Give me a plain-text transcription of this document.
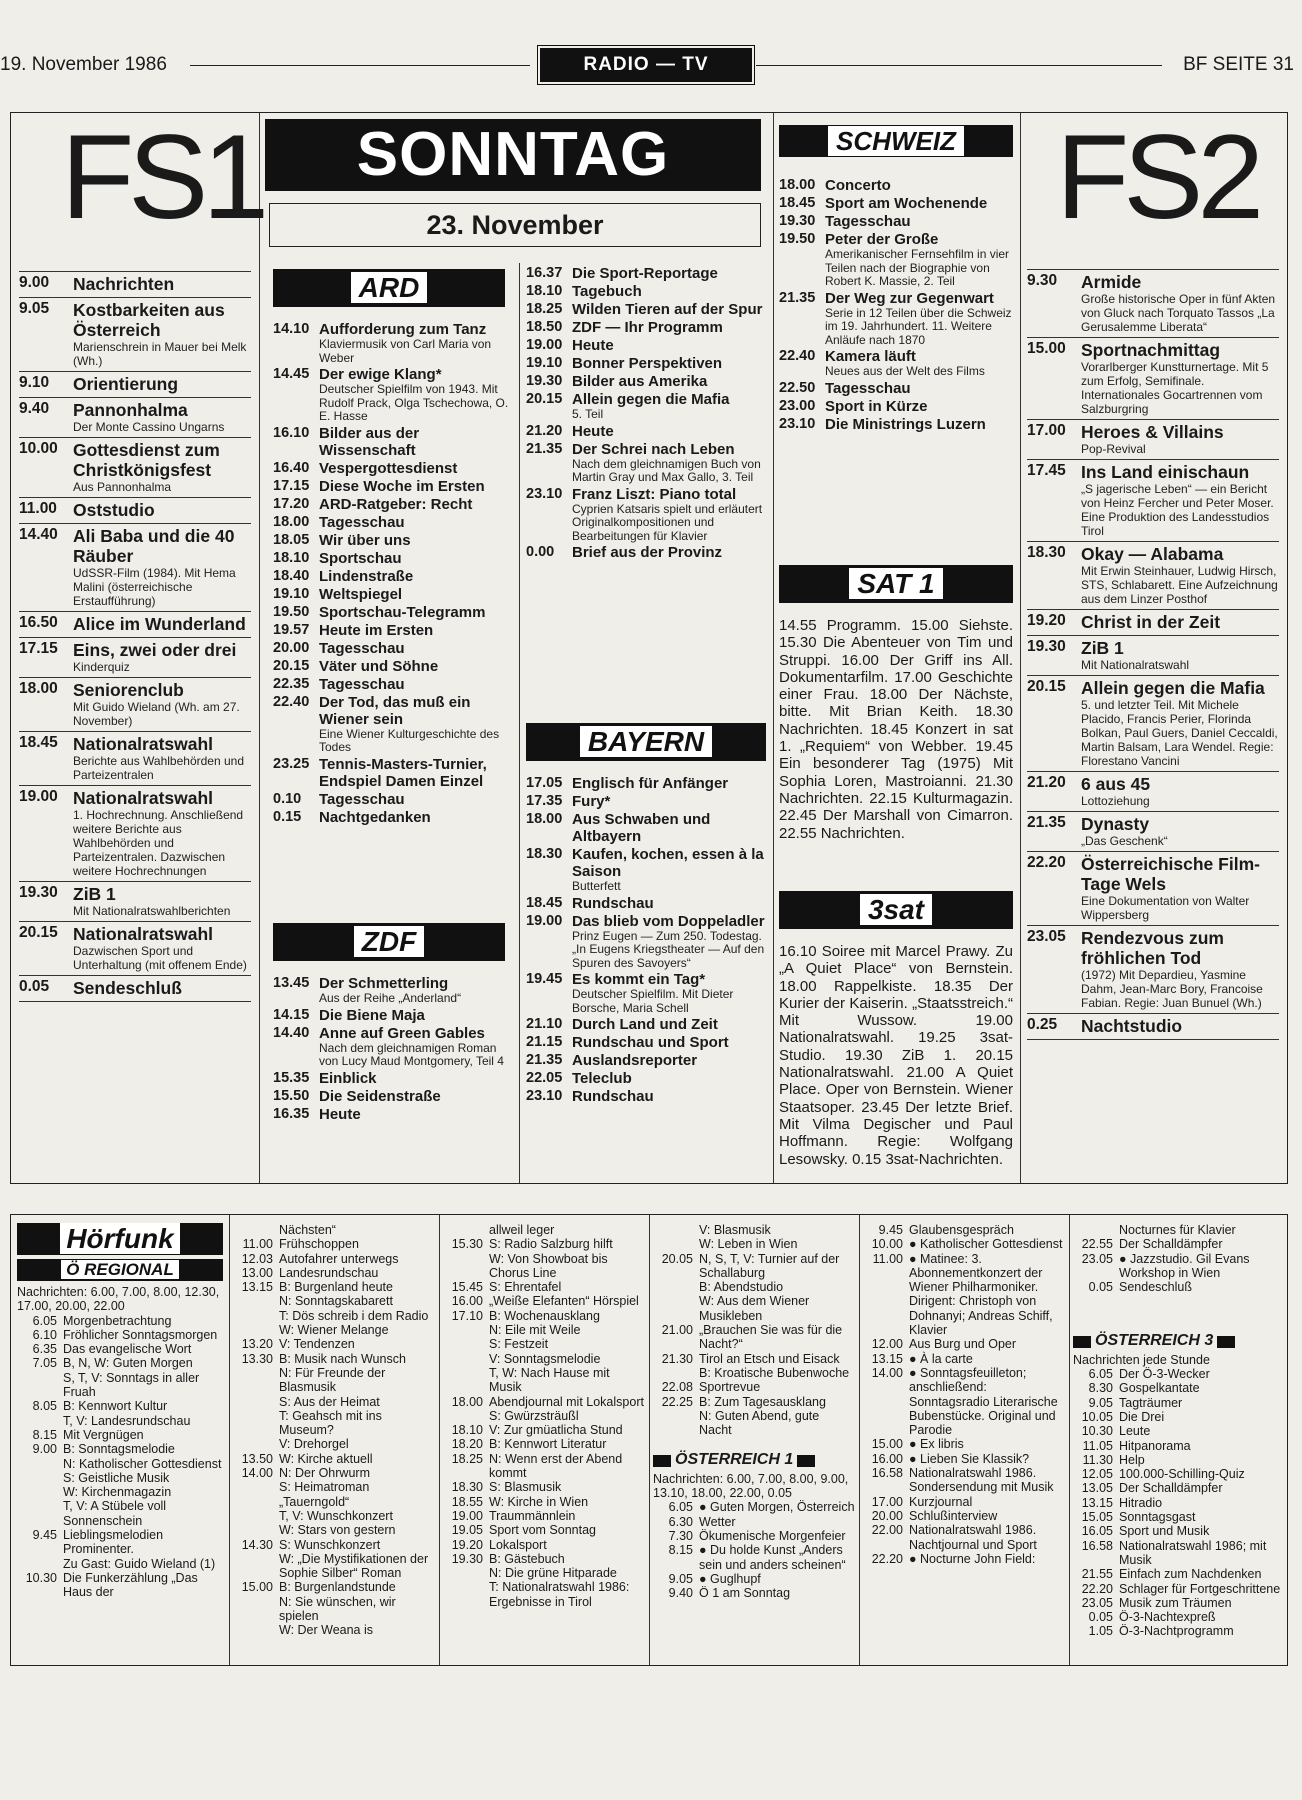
19. November 1986	RADIO — TV	BF SEITE 31
FS1	SONNTAG
23. November	FS2
9.00	Nachrichten
9.05	Kostbarkeiten aus Österreich
Marienschrein in Mauer bei Melk (Wh.)
9.10	Orientierung
9.40	Pannonhalma
Der Monte Cassino Ungarns
10.00 Gottesdienst zum Christkönigsfest
Aus Pannonhalma
11.00 Oststudio
14.40 Ali Baba und die 40 Räuber
UdSSR-Film (1984). Mit Hema Malini (österreichische Erstaufführung)
16.50 Alice im Wunderland
17.15 Eins, zwei oder drei
Kinderquiz
18.00 Seniorenclub
Mit Guido Wieland (Wh. am 27. November)
18.45 Nationalratswahl
Berichte aus Wahlbehörden und Parteizentralen
19.00 Nationalratswahl
1. Hochrechnung. Anschließend weitere Berichte aus Wahlbehörden und Parteizentralen. Dazwischen weitere Hochrechnungen
19.30 ZiB 1
Mit Nationalratswahlberichten
20.15 Nationalratswahl
Dazwischen Sport und Unterhaltung (mit offenem Ende)
0.05	Sendeschluß
ARD
14.10 Aufforderung zum Tanz
Klaviermusik von Carl Maria von Weber
14.45 Der ewige Klang*
Deutscher Spielfilm von 1943. Mit Rudolf Prack, Olga Tschechowa, O. E. Hasse
16.10 Bilder aus der Wissenschaft
16.40 Vespergottesdienst
17.15 Diese Woche im Ersten
17.20 ARD-Ratgeber: Recht
18.00 Tagesschau
18.05 Wir über uns
18.10 Sportschau
18.40 Lindenstraße
19.10 Weltspiegel
19.50 Sportschau-Telegramm
19.57 Heute im Ersten
20.00 Tagesschau
20.15 Väter und Söhne
22.35 Tagesschau
22.40 Der Tod, das muß ein Wiener sein
Eine Wiener Kulturgeschichte des Todes
23.25 Tennis-Masters-Turnier, Endspiel Damen Einzel
0.10	Tagesschau
0.15	Nachtgedanken
ZDF
13.45 Der Schmetterling
Aus der Reihe „Anderland“
14.15 Die Biene Maja
14.40 Anne auf Green Gables
Nach dem gleichnamigen Roman von Lucy Maud Montgomery, Teil 4
15.35 Einblick
15.50 Die Seidenstraße
16.35 Heute
16.37 Die Sport-Reportage
18.10 Tagebuch
18.25 Wilden Tieren auf der Spur
18.50 ZDF — Ihr Programm
19.00 Heute
19.10 Bonner Perspektiven
19.30 Bilder aus Amerika
20.15 Allein gegen die Mafia
5. Teil
21.20 Heute
21.35 Der Schrei nach Leben
Nach dem gleichnamigen Buch von Martin Gray und Max Gallo, 3. Teil
23.10 Franz Liszt: Piano total
Cyprien Katsaris spielt und erläutert Originalkompositionen und Bearbeitungen für Klavier
0.00	Brief aus der Provinz
BAYERN
17.05 Englisch für Anfänger
17.35 Fury*
18.00 Aus Schwaben und Altbayern
18.30 Kaufen, kochen, essen à la Saison
Butterfett
18.45 Rundschau
19.00 Das blieb vom Doppeladler
Prinz Eugen — Zum 250. Todestag. „In Eugens Kriegstheater — Auf den Spuren des Savoyers“
19.45 Es kommt ein Tag*
Deutscher Spielfilm. Mit Dieter Borsche, Maria Schell
21.10 Durch Land und Zeit
21.15 Rundschau und Sport
21.35 Auslandsreporter
22.05 Teleclub
23.10 Rundschau
SCHWEIZ
18.00 Concerto
18.45 Sport am Wochenende
19.30 Tagesschau
19.50 Peter der Große
Amerikanischer Fernsehfilm in vier Teilen nach der Biographie von Robert K. Massie, 2. Teil
21.35 Der Weg zur Gegenwart
Serie in 12 Teilen über die Schweiz im 19. Jahrhundert. 11. Weitere Anläufe nach 1870
22.40 Kamera läuft
Neues aus der Welt des Films
22.50 Tagesschau
23.00 Sport in Kürze
23.10 Die Ministrings Luzern
SAT 1
14.55 Programm. 15.00 Siehste. 15.30 Die Abenteuer von Tim und Struppi. 16.00 Der Griff ins All. Dokumentarfilm. 17.00 Geschichte einer Frau. 18.00 Der Nächste, bitte. Mit Brian Keith. 18.30 Nachrichten. 18.45 Konzert in sat 1. „Requiem“ von Webber. 19.45 Ein besonderer Tag (1975) Mit Sophia Loren, Mastroianni. 21.30 Nachrichten. 22.15 Kulturmagazin. 22.45 Der Marshall von Cimarron. 22.55 Nachrichten.
3sat
16.10 Soiree mit Marcel Prawy. Zu „A Quiet Place“ von Bernstein. 18.00 Rappelkiste. 18.35 Der Kurier der Kaiserin. „Staatsstreich.“ Mit Wussow. 19.00 Nationalratswahl. 19.25 3sat-Studio. 19.30 ZiB 1. 20.15 Nationalratswahl. 21.00 A Quiet Place. Oper von Bernstein. Wiener Staatsoper. 23.45 Der letzte Brief. Mit Vilma Degischer und Paul Hoffmann. Regie: Wolfgang Lesowsky. 0.15 3sat-Nachrichten.
9.30	Armide
Große historische Oper in fünf Akten von Gluck nach Torquato Tassos „La Gerusalemme Liberata“
15.00 Sportnachmittag
Vorarlberger Kunstturnertage. Mit 5 zum Erfolg, Semifinale. Internationales Gocartrennen vom Salzburgring
17.00 Heroes & Villains
Pop-Revival
17.45 Ins Land einischaun
„S jagerische Leben“ — ein Bericht von Heinz Fercher und Peter Moser. Eine Produktion des Landesstudios Tirol
18.30 Okay — Alabama
Mit Erwin Steinhauer, Ludwig Hirsch, STS, Schlabarett. Eine Aufzeichnung aus dem Linzer Posthof
19.20 Christ in der Zeit
19.30 ZiB 1
Mit Nationalratswahl
20.15 Allein gegen die Mafia
5. und letzter Teil. Mit Michele Placido, Francis Perier, Florinda Bolkan, Paul Guers, Daniel Ceccaldi, Martin Balsam, Lara Wendel. Regie: Florestano Vancini
21.20 6 aus 45
Lottoziehung
21.35 Dynasty
„Das Geschenk“
22.20 Österreichische Film-Tage Wels
Eine Dokumentation von Walter Wippersberg
23.05 Rendezvous zum fröhlichen Tod
(1972) Mit Depardieu, Yasmine Dahm, Jean-Marc Bory, Francoise Fabian. Regie: Juan Bunuel (Wh.)
0.25	Nachtstudio
Hörfunk
Ö REGIONAL
Nachrichten: 6.00, 7.00, 8.00, 12.30, 17.00, 20.00, 22.00
6.05 Morgenbetrachtung
6.10 Fröhlicher Sonntagsmorgen
6.35 Das evangelische Wort
7.05 B, N, W: Guten Morgen
S, T, V: Sonntags in aller Fruah
8.05 B: Kennwort Kultur
T, V: Landesrundschau
8.15 Mit Vergnügen
9.00 B: Sonntagsmelodie
N: Katholischer Gottesdienst
S: Geistliche Musik
W: Kirchenmagazin
T, V: A Stübele voll Sonnenschein
9.45 Lieblingsmelodien Prominenter.
Zu Gast: Guido Wieland (1)
10.30 Die Funkerzählung „Das Haus der
Nächsten“
11.00 Frühschoppen
12.03 Autofahrer unterwegs
13.00 Landesrundschau
13.15 B: Burgenland heute
N: Sonntagskabarett
T: Dös schreib i dem Radio
W: Wiener Melange
13.20 V: Tendenzen
13.30 B: Musik nach Wunsch
N: Für Freunde der Blasmusik
S: Aus der Heimat
T: Geahsch mit ins Museum?
V: Drehorgel
13.50 W: Kirche aktuell
14.00 N: Der Ohrwurm
S: Heimatroman „Tauerngold“
T, V: Wunschkonzert
W: Stars von gestern
14.30 S: Wunschkonzert
W: „Die Mystifikationen der Sophie Silber“ Roman
15.00 B: Burgenlandstunde
N: Sie wünschen, wir spielen
W: Der Weana is
allweil leger
15.30 S: Radio Salzburg hilft
W: Von Showboat bis Chorus Line
15.45 S: Ehrentafel
16.00 „Weiße Elefanten“ Hörspiel
17.10 B: Wochenausklang
N: Eile mit Weile
S: Festzeit
V: Sonntagsmelodie
T, W: Nach Hause mit Musik
18.00 Abendjournal mit Lokalsport
S: Gwürzsträußl
18.10 V: Zur gmüatlicha Stund
18.20 B: Kennwort Literatur
18.25 N: Wenn erst der Abend kommt
18.30 S: Blasmusik
18.55 W: Kirche in Wien
19.00 Traummännlein
19.05 Sport vom Sonntag
19.20 Lokalsport
19.30 B: Gästebuch
N: Die grüne Hitparade
T: Nationalratswahl 1986: Ergebnisse in Tirol
V: Blasmusik
W: Leben in Wien
20.05 N, S, T, V: Turnier auf der Schallaburg
B: Abendstudio
W: Aus dem Wiener Musikleben
21.00 „Brauchen Sie was für die Nacht?“
21.30 Tirol an Etsch und Eisack
B: Kroatische Bubenwoche
22.08 Sportrevue
22.25 B: Zum Tagesausklang
N: Guten Abend, gute Nacht
ÖSTERREICH 1
Nachrichten: 6.00, 7.00, 8.00, 9.00, 13.10, 18.00, 22.00, 0.05
6.05 ● Guten Morgen, Österreich
6.30 Wetter
7.30 Ökumenische Morgenfeier
8.15 ● Du holde Kunst „Anders sein und anders scheinen“
9.05 ● Guglhupf
9.40 Ö 1 am Sonntag
9.45 Glaubensgespräch
10.00 ● Katholischer Gottesdienst
11.00 ● Matinee: 3. Abonnementkonzert der Wiener Philharmoniker. Dirigent: Christoph von Dohnanyi; Andreas Schiff, Klavier
12.00 Aus Burg und Oper
13.15 ● À la carte
14.00 ● Sonntagsfeuilleton; anschließend: Sonntagsradio Literarische Bubenstücke. Original und Parodie
15.00 ● Ex libris
16.00 ● Lieben Sie Klassik?
16.58 Nationalratswahl 1986. Sondersendung mit Musik
17.00 Kurzjournal
20.00 Schlußinterview
22.00 Nationalratswahl 1986. Nachtjournal und Sport
22.20 ● Nocturne John Field:
Nocturnes für Klavier
22.55 Der Schalldämpfer
23.05 ● Jazzstudio. Gil Evans Workshop in Wien
0.05 Sendeschluß
ÖSTERREICH 3
Nachrichten jede Stunde
6.05 Der Ö-3-Wecker
8.30 Gospelkantate
9.05 Tagträumer
10.05 Die Drei
10.30 Leute
11.05 Hitpanorama
11.30 Help
12.05 100.000-Schilling-Quiz
13.05 Der Schalldämpfer
13.15 Hitradio
15.05 Sonntagsgast
16.05 Sport und Musik
16.58 Nationalratswahl 1986; mit Musik
21.55 Einfach zum Nachdenken
22.20 Schlager für Fortgeschrittene
23.05 Musik zum Träumen
0.05 Ö-3-Nachtexpreß
1.05 Ö-3-Nachtprogramm
